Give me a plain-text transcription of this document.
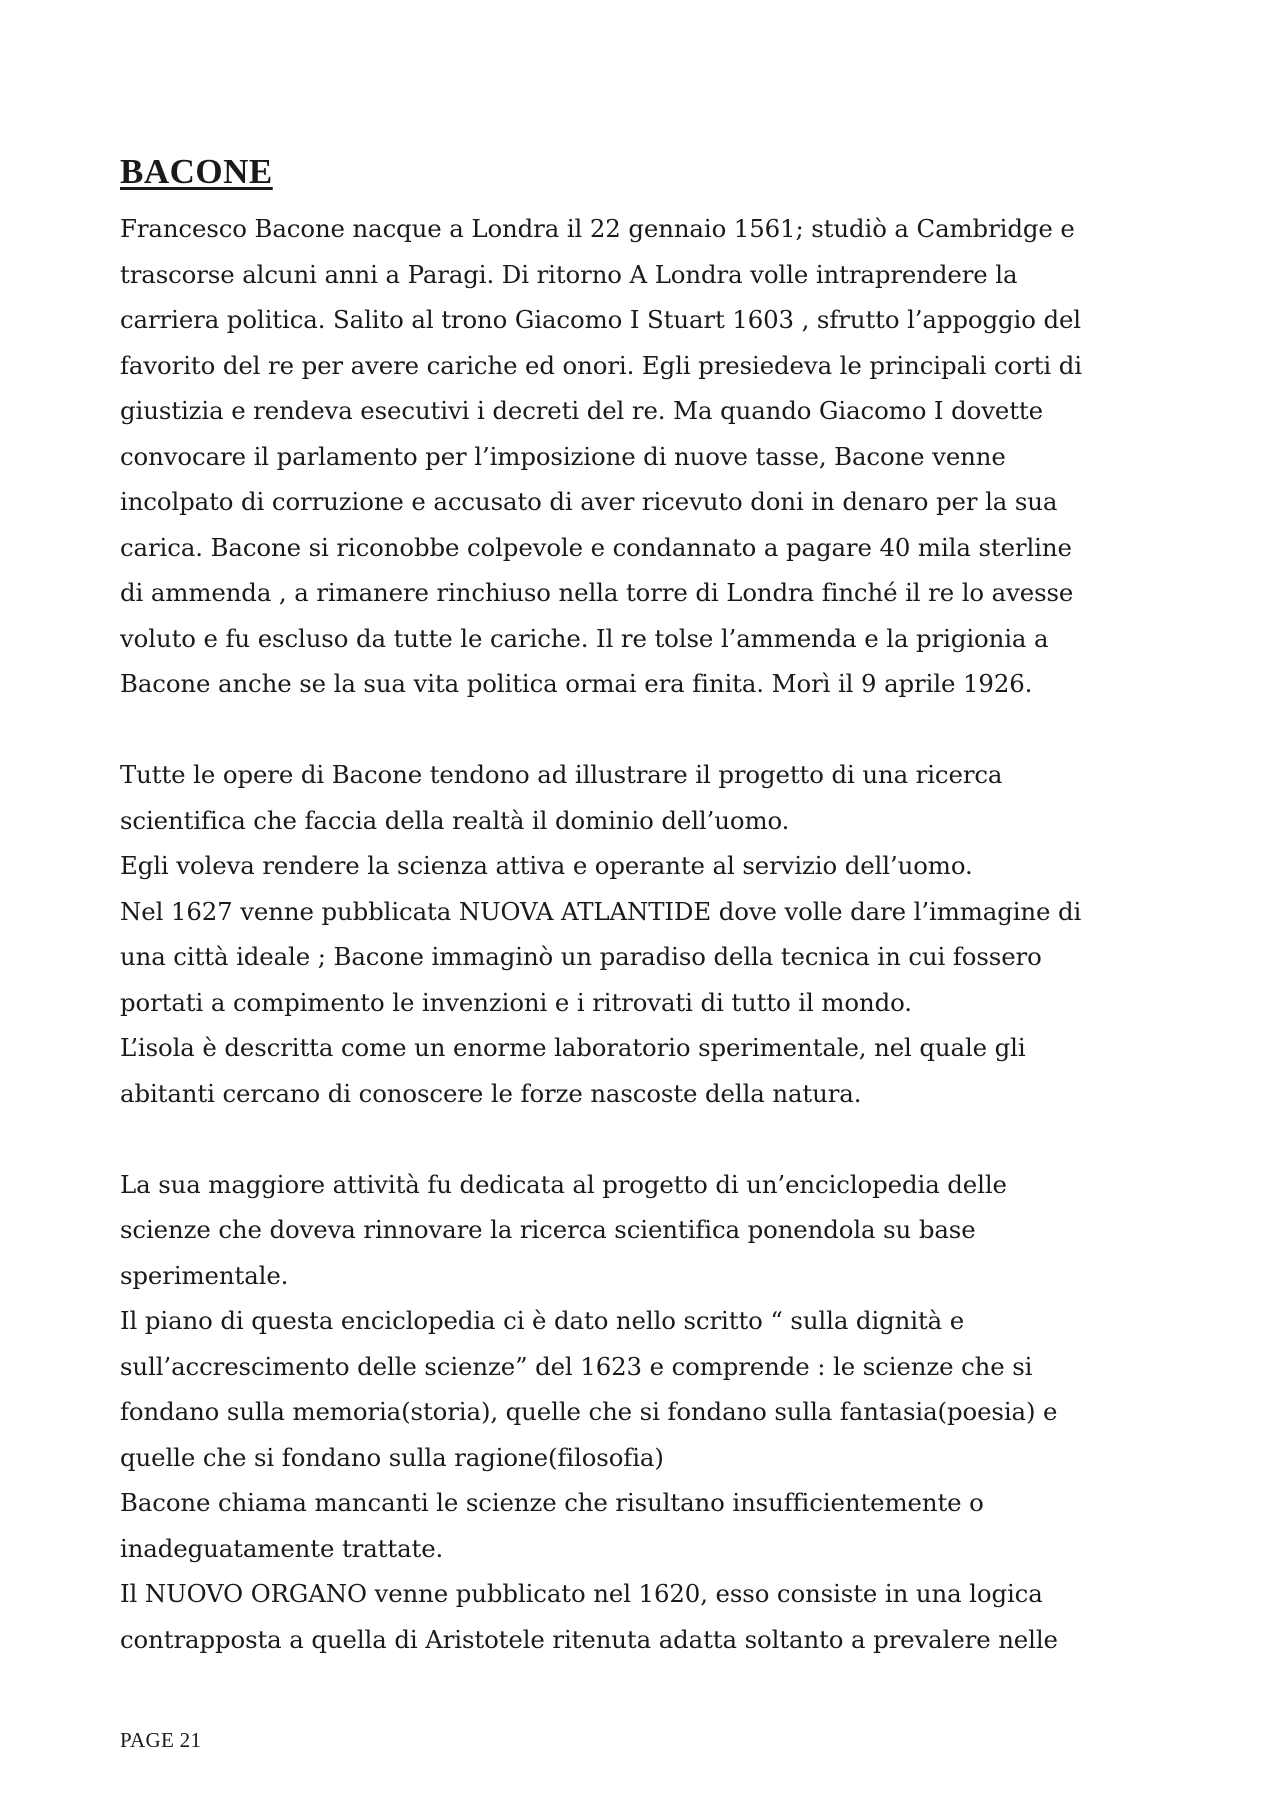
BACONE
Francesco Bacone nacque a Londra il 22 gennaio 1561; studiò a Cambridge e
trascorse alcuni anni a Paragi. Di ritorno A Londra volle intraprendere la
carriera politica. Salito al trono Giacomo I Stuart 1603 , sfrutto l’appoggio del
favorito del re per avere cariche ed onori. Egli presiedeva le principali corti di
giustizia e rendeva esecutivi i decreti del re. Ma quando Giacomo I dovette
convocare il parlamento per l’imposizione di nuove tasse, Bacone venne
incolpato di corruzione e accusato di aver ricevuto doni in denaro per la sua
carica. Bacone si riconobbe colpevole e condannato a pagare 40 mila sterline
di ammenda , a rimanere rinchiuso nella torre di Londra finché il re lo avesse
voluto e fu escluso da tutte le cariche. Il re tolse l’ammenda e la prigionia a
Bacone anche se la sua vita politica ormai era finita. Morì il 9 aprile 1926.
Tutte le opere di Bacone tendono ad illustrare il progetto di una ricerca
scientifica che faccia della realtà il dominio dell’uomo.
Egli voleva rendere la scienza attiva e operante al servizio dell’uomo.
Nel 1627 venne pubblicata NUOVA ATLANTIDE dove volle dare l’immagine di
una città ideale ; Bacone immaginò un paradiso della tecnica in cui fossero
portati a compimento le invenzioni e i ritrovati di tutto il mondo.
L’isola è descritta come un enorme laboratorio sperimentale, nel quale gli
abitanti cercano di conoscere le forze nascoste della natura.
La sua maggiore attività fu dedicata al progetto di un’enciclopedia delle
scienze che doveva rinnovare la ricerca scientifica ponendola su base
sperimentale.
Il piano di questa enciclopedia ci è dato nello scritto “ sulla dignità e
sull’accrescimento delle scienze” del 1623 e comprende : le scienze che si
fondano sulla memoria(storia), quelle che si fondano sulla fantasia(poesia) e
quelle che si fondano sulla ragione(filosofia)
Bacone chiama mancanti le scienze che risultano insufficientemente o
inadeguatamente trattate.
Il NUOVO ORGANO venne pubblicato nel 1620, esso consiste in una logica
contrapposta a quella di Aristotele ritenuta adatta soltanto a prevalere nelle
PAGE 21
